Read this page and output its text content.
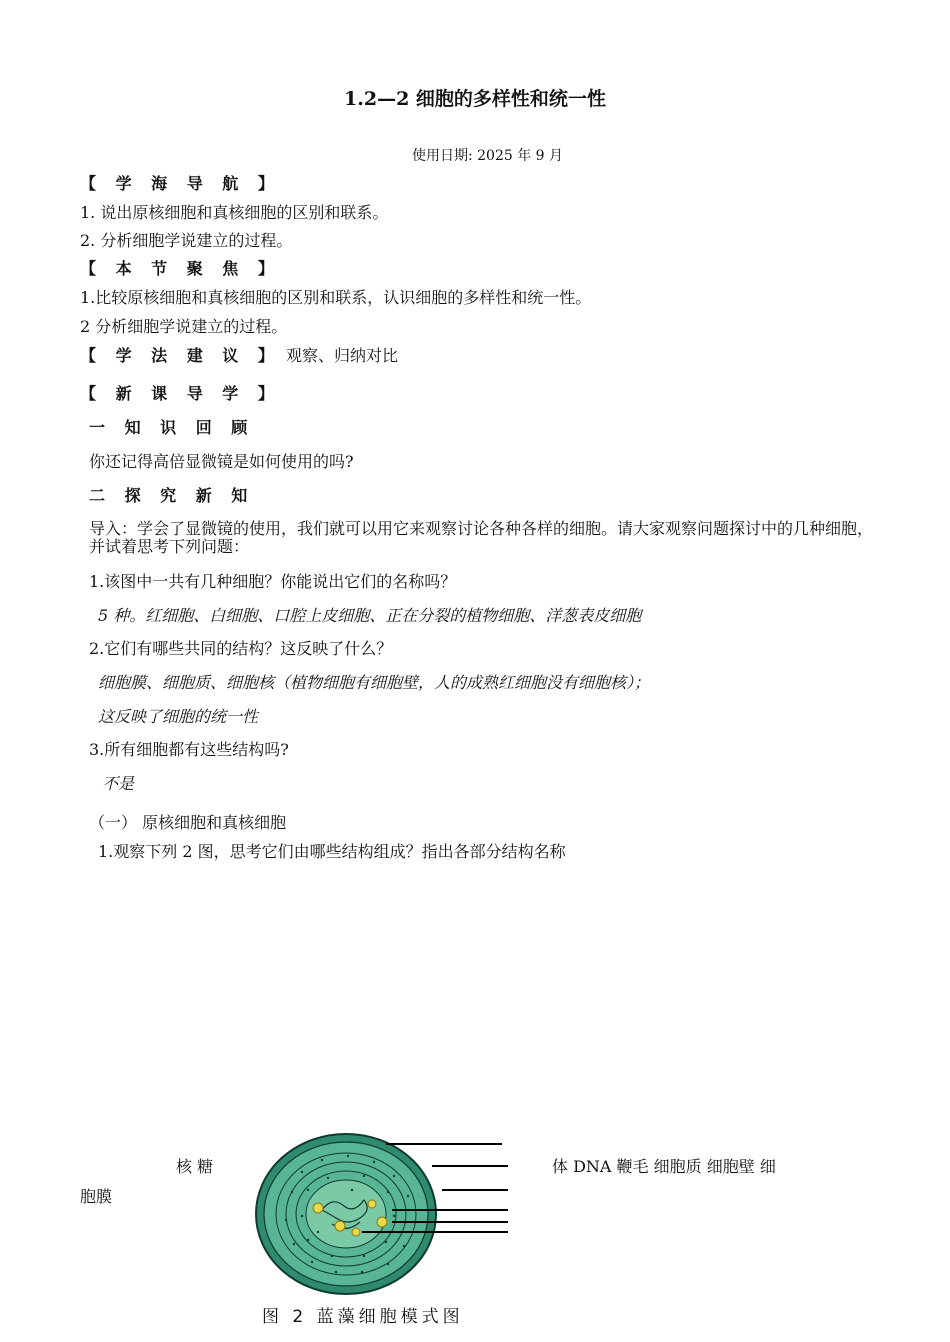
1.2—2 细胞的多样性和统一性
使用日期: 2025 年 9 月
【 学 海 导 航 】
1. 说出原核细胞和真核细胞的区别和联系。
2. 分析细胞学说建立的过程。
【 本 节 聚 焦 】
1.比较原核细胞和真核细胞的区别和联系，认识细胞的多样性和统一性。
2 分析细胞学说建立的过程。
【 学 法 建 议 】 观察、归纳对比
【 新 课 导 学 】
一 知 识 回 顾
你还记得高倍显微镜是如何使用的吗?
二 探 究 新 知
导入：学会了显微镜的使用，我们就可以用它来观察讨论各种各样的细胞。请大家观察问题探讨中的几种细胞，并试着思考下列问题：
1.该图中一共有几种细胞？你能说出它们的名称吗？
5 种。红细胞、白细胞、口腔上皮细胞、正在分裂的植物细胞、洋葱表皮细胞
2.它们有哪些共同的结构？这反映了什么？
细胞膜、细胞质、细胞核（植物细胞有细胞壁，人的成熟红细胞没有细胞核）；
这反映了细胞的统一性
3.所有细胞都有这些结构吗?
不是
（一） 原核细胞和真核细胞
1.观察下列 2 图，思考它们由哪些结构组成？指出各部分结构名称
核 糖	体 DNA 鞭毛 细胞质 细胞壁 细
胞膜
图 2 蓝藻细胞模式图
